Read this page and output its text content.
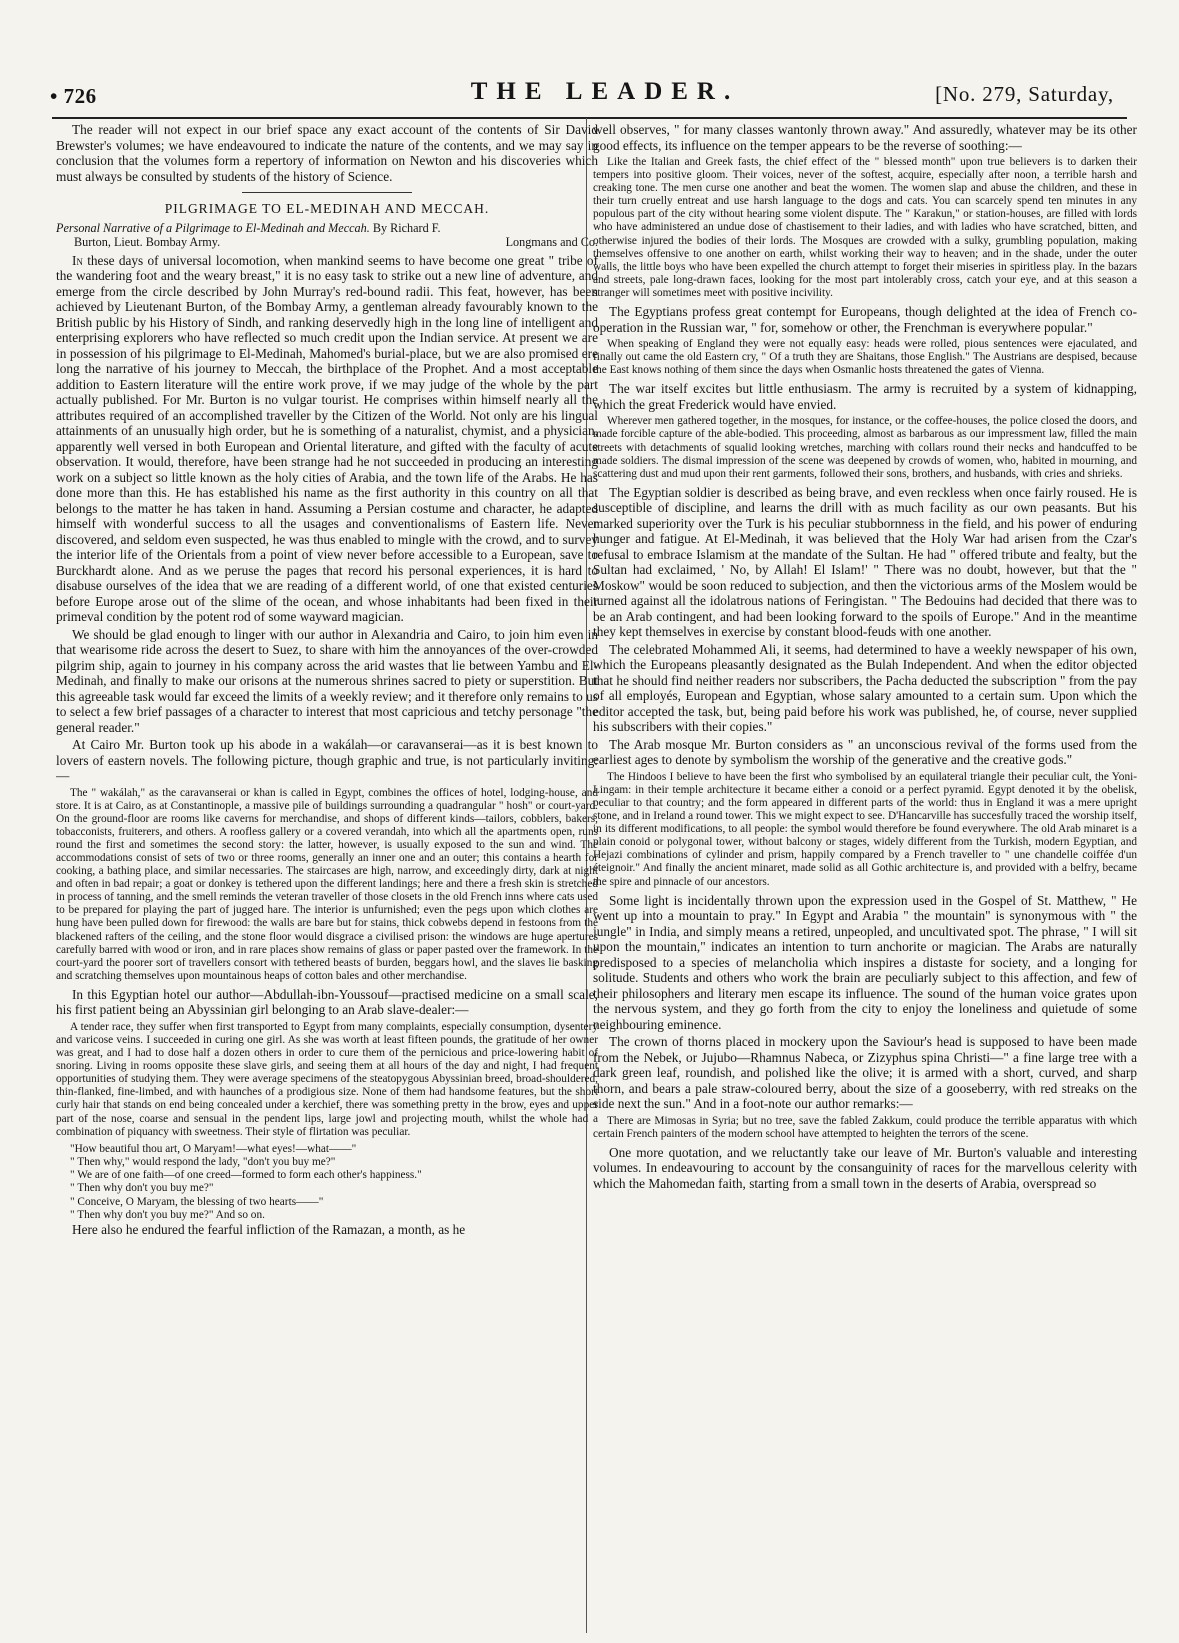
• 726	THE LEADER.	[No. 279, Saturday,

The reader will not expect in our brief space any exact account of the contents of Sir David Brewster's volumes; we have endeavoured to indicate the nature of the contents, and we may say in conclusion that the volumes form a repertory of information on Newton and his discoveries which must always be consulted by students of the history of Science.

PILGRIMAGE TO EL-MEDINAH AND MECCAH.
Personal Narrative of a Pilgrimage to El-Medinah and Meccah. By Richard F.
Burton, Lieut. Bombay Army.	Longmans and Co.

In these days of universal locomotion, when mankind seems to have become one great " tribe of the wandering foot and the weary breast," it is no easy task to strike out a new line of adventure, and emerge from the circle described by John Murray's red-bound radii. This feat, however, has been achieved by Lieutenant Burton, of the Bombay Army, a gentleman already favourably known to the British public by his History of Sindh, and ranking deservedly high in the long line of intelligent and enterprising explorers who have reflected so much credit upon the Indian service. At present we are in possession of his pilgrimage to El-Medinah, Mahomed's burial-place, but we are also promised ere long the narrative of his journey to Meccah, the birthplace of the Prophet. And a most acceptable addition to Eastern literature will the entire work prove, if we may judge of the whole by the part actually published. For Mr. Burton is no vulgar tourist. He comprises within himself nearly all the attributes required of an accomplished traveller by the Citizen of the World. Not only are his lingual attainments of an unusually high order, but he is something of a naturalist, chymist, and a physician, apparently well versed in both European and Oriental literature, and gifted with the faculty of acute observation. It would, therefore, have been strange had he not succeeded in producing an interesting work on a subject so little known as the holy cities of Arabia, and the town life of the Arabs. He has done more than this. He has established his name as the first authority in this country on all that belongs to the matter he has taken in hand. Assuming a Persian costume and character, he adapted himself with wonderful success to all the usages and conventionalisms of Eastern life. Never discovered, and seldom even suspected, he was thus enabled to mingle with the crowd, and to survey the interior life of the Orientals from a point of view never before accessible to a European, save to Burckhardt alone. And as we peruse the pages that record his personal experiences, it is hard to disabuse ourselves of the idea that we are reading of a different world, of one that existed centuries before Europe arose out of the slime of the ocean, and whose inhabitants had been fixed in their primeval condition by the potent rod of some wayward magician.

We should be glad enough to linger with our author in Alexandria and Cairo, to join him even in that wearisome ride across the desert to Suez, to share with him the annoyances of the over-crowded pilgrim ship, again to journey in his company across the arid wastes that lie between Yambu and El-Medinah, and finally to make our orisons at the numerous shrines sacred to piety or superstition. But this agreeable task would far exceed the limits of a weekly review; and it therefore only remains to us to select a few brief passages of a character to interest that most capricious and tetchy personage "the general reader."

At Cairo Mr. Burton took up his abode in a wakálah—or caravanserai—as it is best known to lovers of eastern novels. The following picture, though graphic and true, is not particularly inviting:—

The " wakálah," as the caravanserai or khan is called in Egypt, combines the offices of hotel, lodging-house, and store. It is at Cairo, as at Constantinople, a massive pile of buildings surrounding a quadrangular " hosh" or court-yard. On the ground-floor are rooms like caverns for merchandise, and shops of different kinds—tailors, cobblers, bakers, tobacconists, fruiterers, and others. A roofless gallery or a covered verandah, into which all the apartments open, runs round the first and sometimes the second story: the latter, however, is usually exposed to the sun and wind. The accommodations consist of sets of two or three rooms, generally an inner one and an outer; this contains a hearth for cooking, a bathing place, and similar necessaries. The staircases are high, narrow, and exceedingly dirty, dark at night and often in bad repair; a goat or donkey is tethered upon the different landings; here and there a fresh skin is stretched in process of tanning, and the smell reminds the veteran traveller of those closets in the old French inns where cats used to be prepared for playing the part of jugged hare. The interior is unfurnished; even the pegs upon which clothes are hung have been pulled down for firewood: the walls are bare but for stains, thick cobwebs depend in festoons from the blackened rafters of the ceiling, and the stone floor would disgrace a civilised prison: the windows are huge apertures carefully barred with wood or iron, and in rare places show remains of glass or paper pasted over the framework. In the court-yard the poorer sort of travellers consort with tethered beasts of burden, beggars howl, and the slaves lie basking and scratching themselves upon mountainous heaps of cotton bales and other merchandise.

In this Egyptian hotel our author—Abdullah-ibn-Youssouf—practised medicine on a small scale, his first patient being an Abyssinian girl belonging to an Arab slave-dealer:—

A tender race, they suffer when first transported to Egypt from many complaints, especially consumption, dysentery and varicose veins. I succeeded in curing one girl. As she was worth at least fifteen pounds, the gratitude of her owner was great, and I had to dose half a dozen others in order to cure them of the pernicious and price-lowering habit of snoring. Living in rooms opposite these slave girls, and seeing them at all hours of the day and night, I had frequent opportunities of studying them. They were average specimens of the steatopygous Abyssinian breed, broad-shouldered, thin-flanked, fine-limbed, and with haunches of a prodigious size. None of them had handsome features, but the short curly hair that stands on end being concealed under a kerchief, there was something pretty in the brow, eyes and upper part of the nose, coarse and sensual in the pendent lips, large jowl and projecting mouth, whilst the whole had a combination of piquancy with sweetness. Their style of flirtation was peculiar.

"How beautiful thou art, O Maryam!—what eyes!—what——"
" Then why," would respond the lady, "don't you buy me?"
" We are of one faith—of one creed—formed to form each other's happiness."
" Then why don't you buy me?"
" Conceive, O Maryam, the blessing of two hearts——"
" Then why don't you buy me?" And so on.

Here also he endured the fearful infliction of the Ramazan, a month, as he

well observes, " for many classes wantonly thrown away." And assuredly, whatever may be its other good effects, its influence on the temper appears to be the reverse of soothing:—

Like the Italian and Greek fasts, the chief effect of the " blessed month" upon true believers is to darken their tempers into positive gloom. Their voices, never of the softest, acquire, especially after noon, a terrible harsh and creaking tone. The men curse one another and beat the women. The women slap and abuse the children, and these in their turn cruelly entreat and use harsh language to the dogs and cats. You can scarcely spend ten minutes in any populous part of the city without hearing some violent dispute. The " Karakun," or station-houses, are filled with lords who have administered an undue dose of chastisement to their ladies, and with ladies who have scratched, bitten, and otherwise injured the bodies of their lords. The Mosques are crowded with a sulky, grumbling population, making themselves offensive to one another on earth, whilst working their way to heaven; and in the shade, under the outer walls, the little boys who have been expelled the church attempt to forget their miseries in spiritless play. In the bazars and streets, pale long-drawn faces, looking for the most part intolerably cross, catch your eye, and at this season a stranger will sometimes meet with positive incivility.

The Egyptians profess great contempt for Europeans, though delighted at the idea of French co-operation in the Russian war, " for, somehow or other, the Frenchman is everywhere popular."

When speaking of England they were not equally easy: heads were rolled, pious sentences were ejaculated, and finally out came the old Eastern cry, " Of a truth they are Shaitans, those English." The Austrians are despised, because the East knows nothing of them since the days when Osmanlic hosts threatened the gates of Vienna.

The war itself excites but little enthusiasm. The army is recruited by a system of kidnapping, which the great Frederick would have envied.

Wherever men gathered together, in the mosques, for instance, or the coffee-houses, the police closed the doors, and made forcible capture of the able-bodied. This proceeding, almost as barbarous as our impressment law, filled the main streets with detachments of squalid looking wretches, marching with collars round their necks and handcuffed to be made soldiers. The dismal impression of the scene was deepened by crowds of women, who, habited in mourning, and scattering dust and mud upon their rent garments, followed their sons, brothers, and husbands, with cries and shrieks.

The Egyptian soldier is described as being brave, and even reckless when once fairly roused. He is susceptible of discipline, and learns the drill with as much facility as our own peasants. But his marked superiority over the Turk is his peculiar stubbornness in the field, and his power of enduring hunger and fatigue. At El-Medinah, it was believed that the Holy War had arisen from the Czar's refusal to embrace Islamism at the mandate of the Sultan. He had " offered tribute and fealty, but the Sultan had exclaimed, ' No, by Allah! El Islam!' " There was no doubt, however, but that the " Moskow" would be soon reduced to subjection, and then the victorious arms of the Moslem would be turned against all the idolatrous nations of Feringistan. " The Bedouins had decided that there was to be an Arab contingent, and had been looking forward to the spoils of Europe." And in the meantime they kept themselves in exercise by constant blood-feuds with one another.

The celebrated Mohammed Ali, it seems, had determined to have a weekly newspaper of his own, which the Europeans pleasantly designated as the Bulah Independent. And when the editor objected that he should find neither readers nor subscribers, the Pacha deducted the subscription " from the pay of all employés, European and Egyptian, whose salary amounted to a certain sum. Upon which the editor accepted the task, but, being paid before his work was published, he, of course, never supplied his subscribers with their copies."

The Arab mosque Mr. Burton considers as " an unconscious revival of the forms used from the earliest ages to denote by symbolism the worship of the generative and the creative gods."

The Hindoos I believe to have been the first who symbolised by an equilateral triangle their peculiar cult, the Yoni-Lingam: in their temple architecture it became either a conoid or a perfect pyramid. Egypt denoted it by the obelisk, peculiar to that country; and the form appeared in different parts of the world: thus in England it was a mere upright stone, and in Ireland a round tower. This we might expect to see. D'Hancarville has succesfully traced the worship itself, in its different modifications, to all people: the symbol would therefore be found everywhere. The old Arab minaret is a plain conoid or polygonal tower, without balcony or stages, widely different from the Turkish, modern Egyptian, and Hejazi combinations of cylinder and prism, happily compared by a French traveller to " une chandelle coiffée d'un éteignoir." And finally the ancient minaret, made solid as all Gothic architecture is, and provided with a belfry, became the spire and pinnacle of our ancestors.

Some light is incidentally thrown upon the expression used in the Gospel of St. Matthew, " He went up into a mountain to pray." In Egypt and Arabia " the mountain" is synonymous with " the jungle" in India, and simply means a retired, unpeopled, and uncultivated spot. The phrase, " I will sit upon the mountain," indicates an intention to turn anchorite or magician. The Arabs are naturally predisposed to a species of melancholia which inspires a distaste for society, and a longing for solitude. Students and others who work the brain are peculiarly subject to this affection, and few of their philosophers and literary men escape its influence. The sound of the human voice grates upon the nervous system, and they go forth from the city to enjoy the loneliness and quietude of some neighbouring eminence.

The crown of thorns placed in mockery upon the Saviour's head is supposed to have been made from the Nebek, or Jujubo—Rhamnus Nabeca, or Zizyphus spina Christi—" a fine large tree with a dark green leaf, roundish, and polished like the olive; it is armed with a short, curved, and sharp thorn, and bears a pale straw-coloured berry, about the size of a gooseberry, with red streaks on the side next the sun." And in a foot-note our author remarks:—

There are Mimosas in Syria; but no tree, save the fabled Zakkum, could produce the terrible apparatus with which certain French painters of the modern school have attempted to heighten the terrors of the scene.

One more quotation, and we reluctantly take our leave of Mr. Burton's valuable and interesting volumes. In endeavouring to account by the consanguinity of races for the marvellous celerity with which the Mahomedan faith, starting from a small town in the deserts of Arabia, overspread so
